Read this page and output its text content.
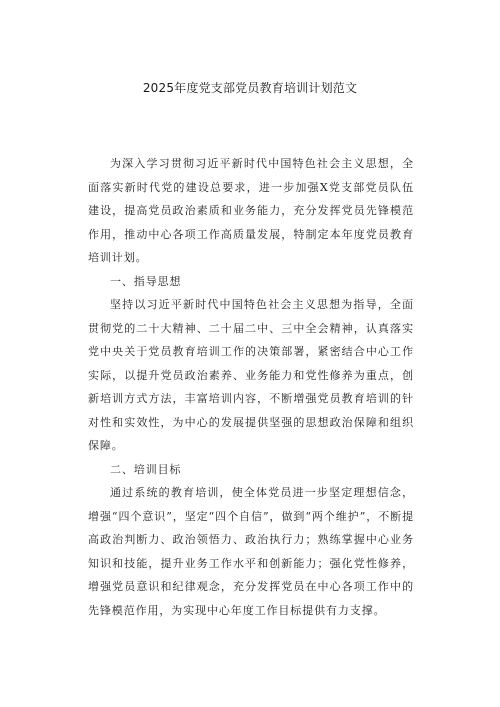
2025年度党支部党员教育培训计划范文

为深入学习贯彻习近平新时代中国特色社会主义思想，全面落实新时代党的建设总要求，进一步加强X党支部党员队伍建设，提高党员政治素质和业务能力，充分发挥党员先锋模范作用，推动中心各项工作高质量发展，特制定本年度党员教育培训计划。

一、指导思想

坚持以习近平新时代中国特色社会主义思想为指导，全面贯彻党的二十大精神、二十届二中、三中全会精神，认真落实党中央关于党员教育培训工作的决策部署，紧密结合中心工作实际，以提升党员政治素养、业务能力和党性修养为重点，创新培训方式方法，丰富培训内容，不断增强党员教育培训的针对性和实效性，为中心的发展提供坚强的思想政治保障和组织保障。

二、培训目标

通过系统的教育培训，使全体党员进一步坚定理想信念，增强“四个意识”，坚定“四个自信”，做到“两个维护”，不断提高政治判断力、政治领悟力、政治执行力；熟练掌握中心业务知识和技能，提升业务工作水平和创新能力；强化党性修养，增强党员意识和纪律观念，充分发挥党员在中心各项工作中的先锋模范作用，为实现中心年度工作目标提供有力支撑。
